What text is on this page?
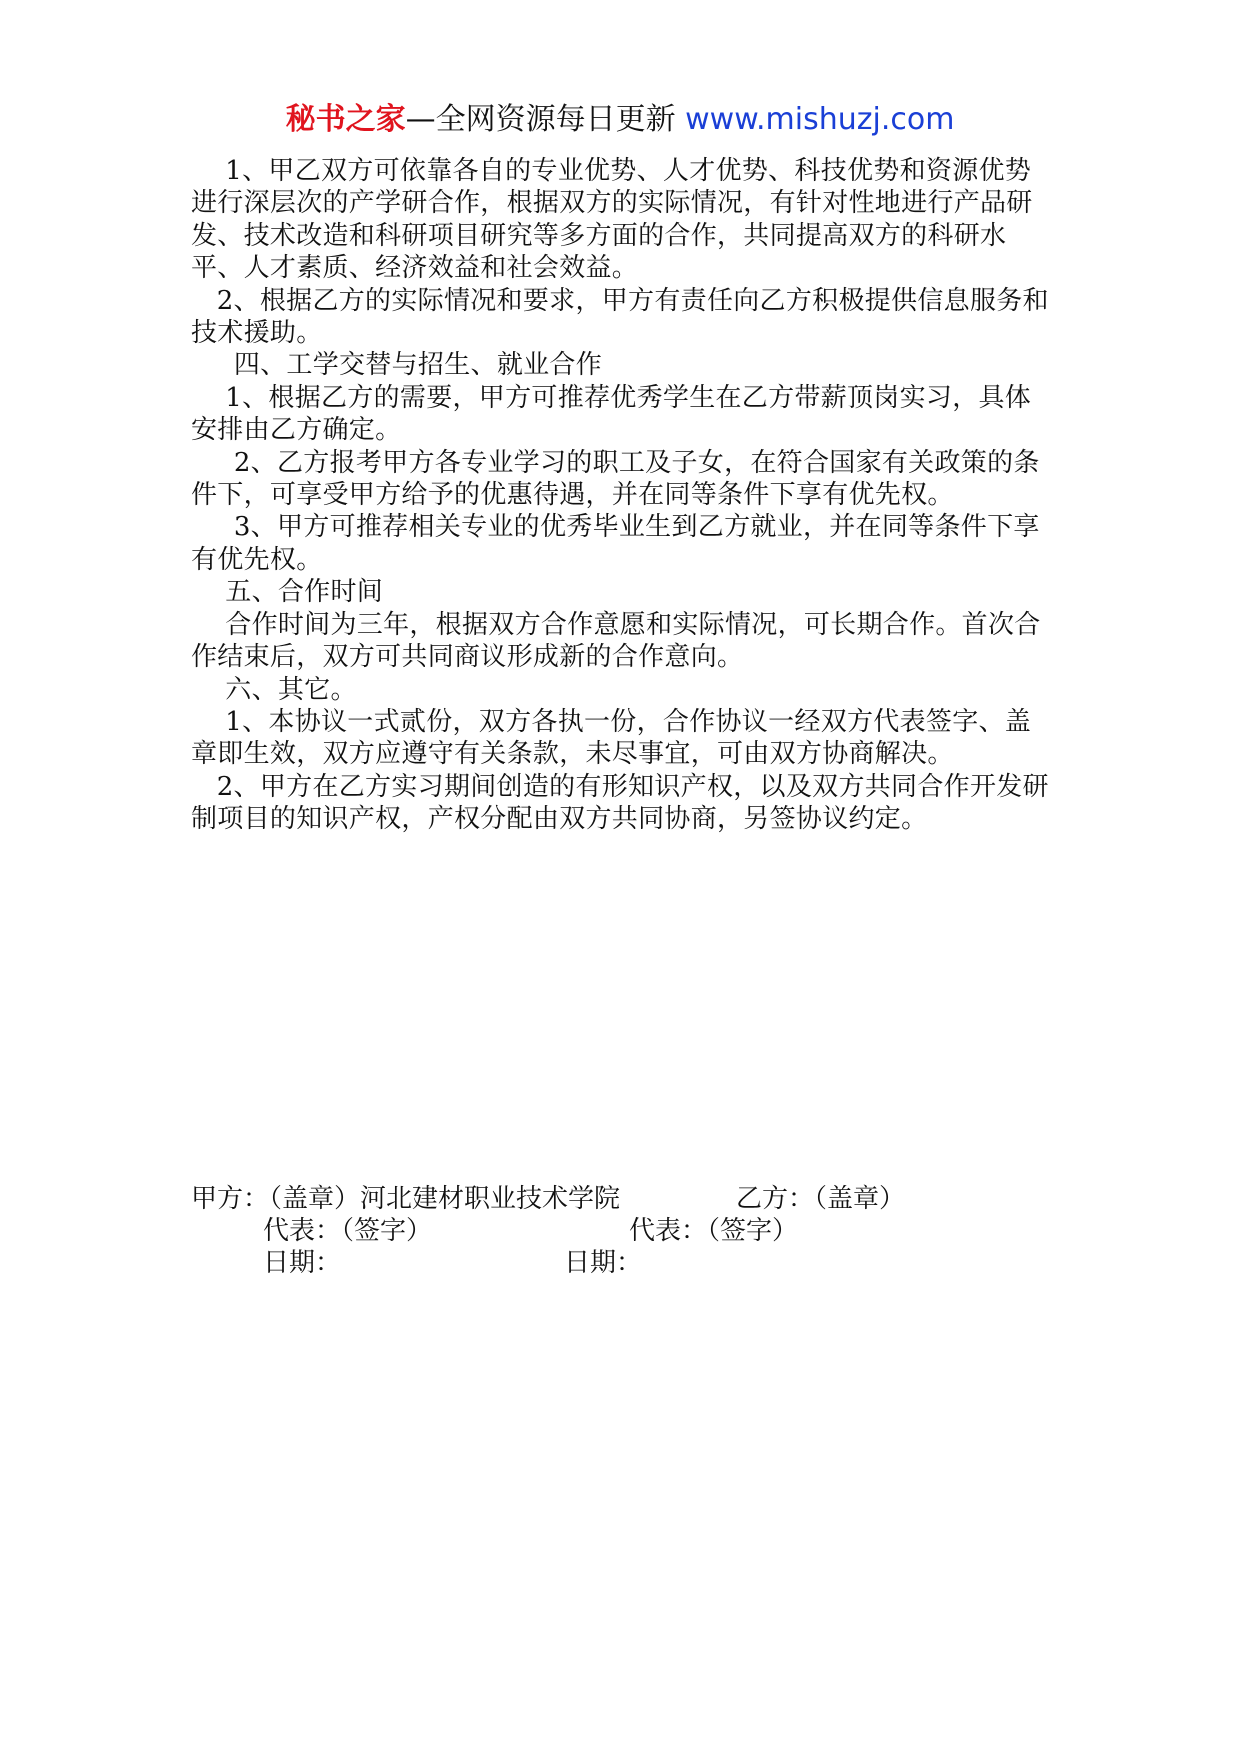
秘书之家—全网资源每日更新 www.mishuzj.com

1、甲乙双方可依靠各自的专业优势、人才优势、科技优势和资源优势进行深层次的产学研合作，根据双方的实际情况，有针对性地进行产品研发、技术改造和科研项目研究等多方面的合作，共同提高双方的科研水平、人才素质、经济效益和社会效益。

2、根据乙方的实际情况和要求，甲方有责任向乙方积极提供信息服务和技术援助。

四、工学交替与招生、就业合作

1、根据乙方的需要，甲方可推荐优秀学生在乙方带薪顶岗实习，具体安排由乙方确定。

2、乙方报考甲方各专业学习的职工及子女，在符合国家有关政策的条件下，可享受甲方给予的优惠待遇，并在同等条件下享有优先权。

3、甲方可推荐相关专业的优秀毕业生到乙方就业，并在同等条件下享有优先权。

五、合作时间

合作时间为三年，根据双方合作意愿和实际情况，可长期合作。首次合作结束后，双方可共同商议形成新的合作意向。

六、其它。

1、本协议一式贰份，双方各执一份，合作协议一经双方代表签字、盖章即生效，双方应遵守有关条款，未尽事宜，可由双方协商解决。

2、甲方在乙方实习期间创造的有形知识产权，以及双方共同合作开发研制项目的知识产权，产权分配由双方共同协商，另签协议约定。

甲方：（盖章）河北建材职业技术学院	乙方：（盖章）
代表：（签字）	代表：（签字）
日期：	日期：
